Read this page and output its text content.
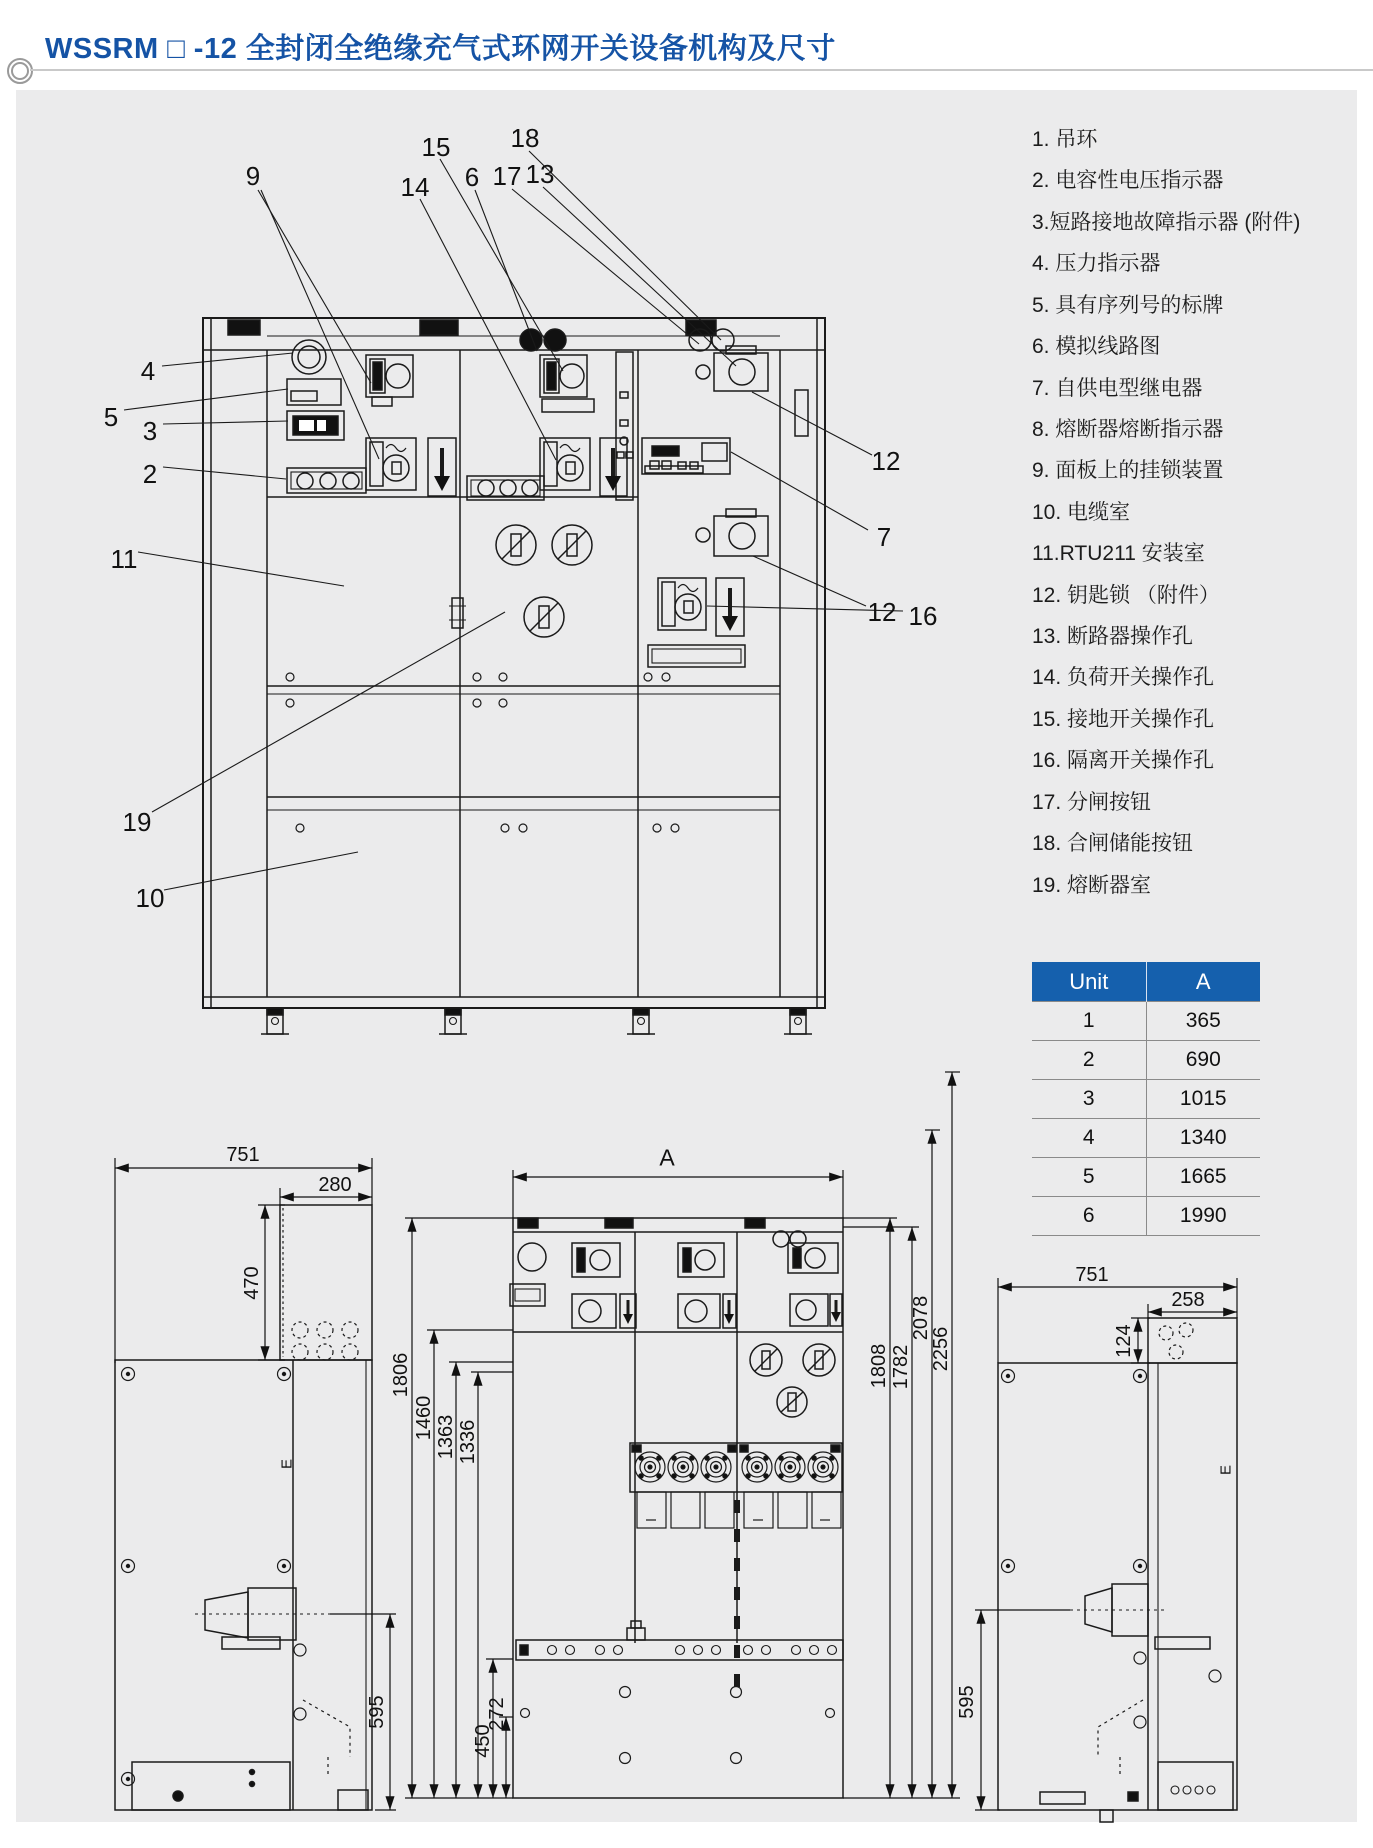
WSSRM □ -12 全封闭全绝缘充气式环网开关设备机构及尺寸
9	14
15
6 17
18
13
4
5 3
2
11
19
10
12
7
12 16
751
280
470
595
E
A
1806
1460 1363 1336
450
272
1808 1782
2078
2256
751
258
124
595
E
1. 吊环
2. 电容性电压指示器
3.短路接地故障指示器 (附件)
4. 压力指示器
5. 具有序列号的标牌
6. 模拟线路图
7. 自供电型继电器
8. 熔断器熔断指示器
9. 面板上的挂锁装置
10. 电缆室
11.RTU211 安装室
12. 钥匙锁 （附件）
13. 断路器操作孔
14. 负荷开关操作孔
15. 接地开关操作孔
16. 隔离开关操作孔
17. 分闸按钮
18. 合闸储能按钮
19. 熔断器室
Unit	A
1	365
2	690
3	1015
4	1340
5	1665
6	1990
